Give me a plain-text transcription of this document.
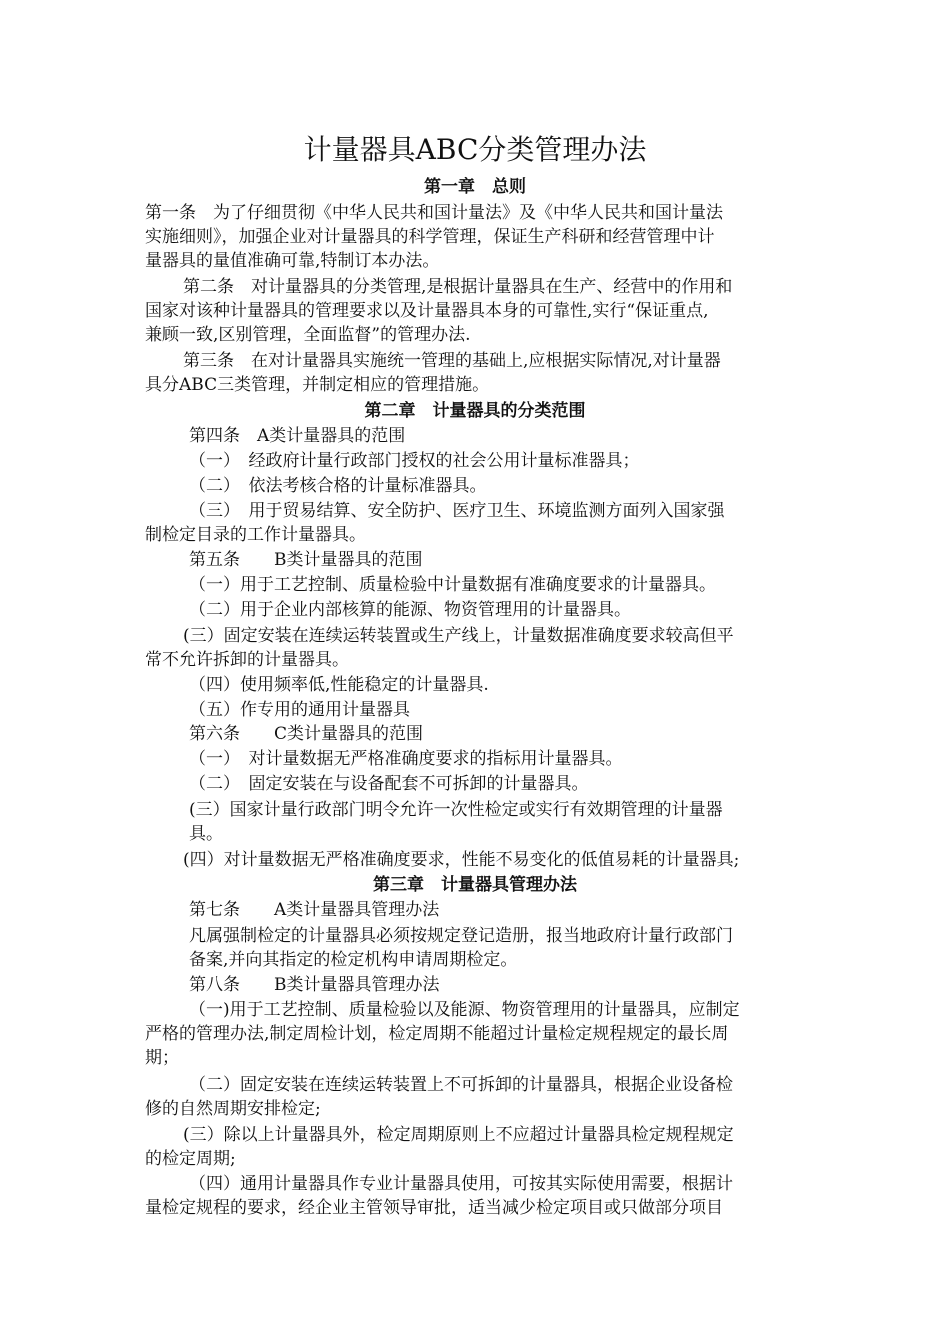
计量器具ABC分类管理办法
第一章　总则
第一条　为了仔细贯彻《中华人民共和国计量法》及《中华人民共和国计量法
实施细则》，加强企业对计量器具的科学管理，保证生产科研和经营管理中计
量器具的量值准确可靠,特制订本办法。
第二条　对计量器具的分类管理,是根据计量器具在生产、经营中的作用和
国家对该种计量器具的管理要求以及计量器具本身的可靠性,实行“保证重点,
兼顾一致,区别管理，全面监督”的管理办法.
第三条　在对计量器具实施统一管理的基础上,应根据实际情况,对计量器
具分ABC三类管理，并制定相应的管理措施。
第二章　计量器具的分类范围
第四条　A类计量器具的范围
（一）　经政府计量行政部门授权的社会公用计量标准器具；
（二）　依法考核合格的计量标准器具。
（三）　用于贸易结算、安全防护、医疗卫生、环境监测方面列入国家强
制检定目录的工作计量器具。
第五条　　B类计量器具的范围
（一）用于工艺控制、质量检验中计量数据有准确度要求的计量器具。
（二）用于企业内部核算的能源、物资管理用的计量器具。
(三）固定安装在连续运转装置或生产线上，计量数据准确度要求较高但平
常不允许拆卸的计量器具。
（四）使用频率低,性能稳定的计量器具.
（五）作专用的通用计量器具
第六条　　C类计量器具的范围
（一）　对计量数据无严格准确度要求的指标用计量器具。
（二）　固定安装在与设备配套不可拆卸的计量器具。
(三）国家计量行政部门明令允许一次性检定或实行有效期管理的计量器
具。
(四）对计量数据无严格准确度要求，性能不易变化的低值易耗的计量器具;
第三章　计量器具管理办法
第七条　　A类计量器具管理办法
凡属强制检定的计量器具必须按规定登记造册，报当地政府计量行政部门
备案,并向其指定的检定机构申请周期检定。
第八条　　B类计量器具管理办法
（一)用于工艺控制、质量检验以及能源、物资管理用的计量器具，应制定
严格的管理办法,制定周检计划，检定周期不能超过计量检定规程规定的最长周
期；
（二）固定安装在连续运转装置上不可拆卸的计量器具，根据企业设备检
修的自然周期安排检定;
(三）除以上计量器具外，检定周期原则上不应超过计量器具检定规程规定
的检定周期;
（四）通用计量器具作专业计量器具使用，可按其实际使用需要，根据计
量检定规程的要求，经企业主管领导审批，适当减少检定项目或只做部分项目
